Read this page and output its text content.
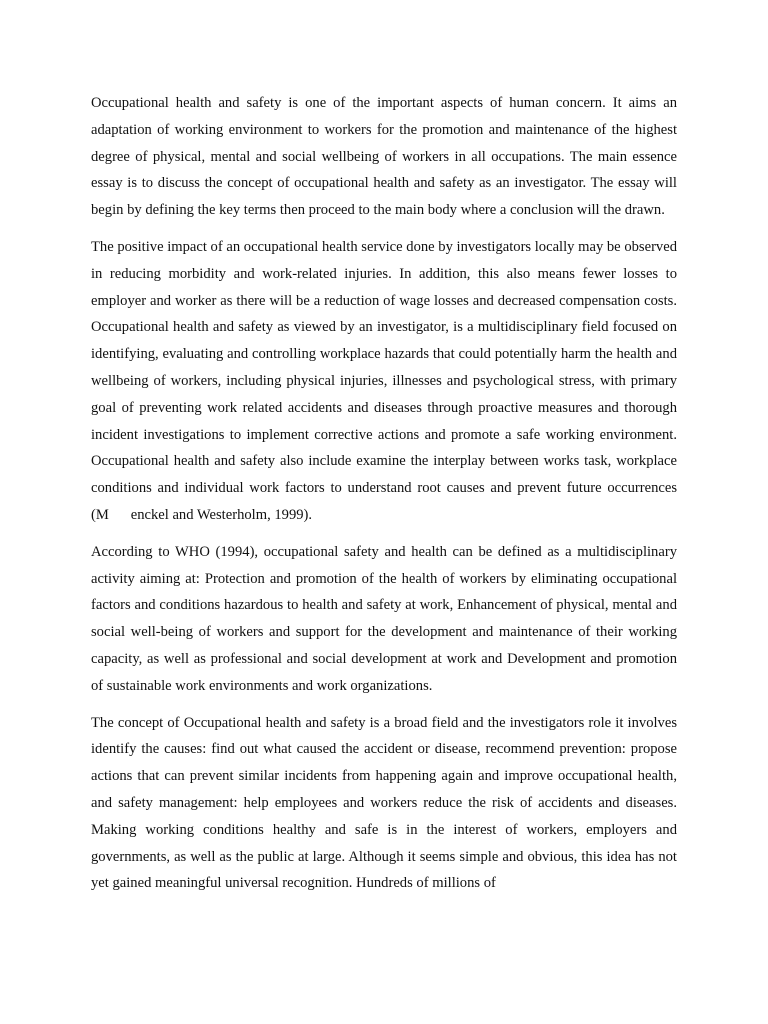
Occupational health and safety is one of the important aspects of human concern. It aims an adaptation of working environment to workers for the promotion and maintenance of the highest degree of physical, mental and social wellbeing of workers in all occupations. The main essence essay is to discuss the concept of occupational health and safety as an investigator. The essay will begin by defining the key terms then proceed to the main body where a conclusion will the drawn.

The positive impact of an occupational health service done by investigators locally may be observed in reducing morbidity and work-related injuries. In addition, this also means fewer losses to employer and worker as there will be a reduction of wage losses and decreased compensation costs. Occupational health and safety as viewed by an investigator, is a multidisciplinary field focused on identifying, evaluating and controlling workplace hazards that could potentially harm the health and wellbeing of workers, including physical injuries, illnesses and psychological stress, with primary goal of preventing work related accidents and diseases through proactive measures and thorough incident investigations to implement corrective actions and promote a safe working environment. Occupational health and safety also include examine the interplay between works task, workplace conditions and individual work factors to understand root causes and prevent future occurrences (M  enckel and Westerholm, 1999).

According to WHO (1994), occupational safety and health can be defined as a multidisciplinary activity aiming at: Protection and promotion of the health of workers by eliminating occupational factors and conditions hazardous to health and safety at work, Enhancement of physical, mental and social well-being of workers and support for the development and maintenance of their working capacity, as well as professional and social development at work and Development and promotion of sustainable work environments and work organizations.

The concept of Occupational health and safety is a broad field and the investigators role it involves identify the causes: find out what caused the accident or disease, recommend prevention: propose actions that can prevent similar incidents from happening again and improve occupational health, and safety management: help employees and workers reduce the risk of accidents and diseases. Making working conditions healthy and safe is in the interest of workers, employers and governments, as well as the public at large. Although it seems simple and obvious, this idea has not yet gained meaningful universal recognition. Hundreds of millions of
